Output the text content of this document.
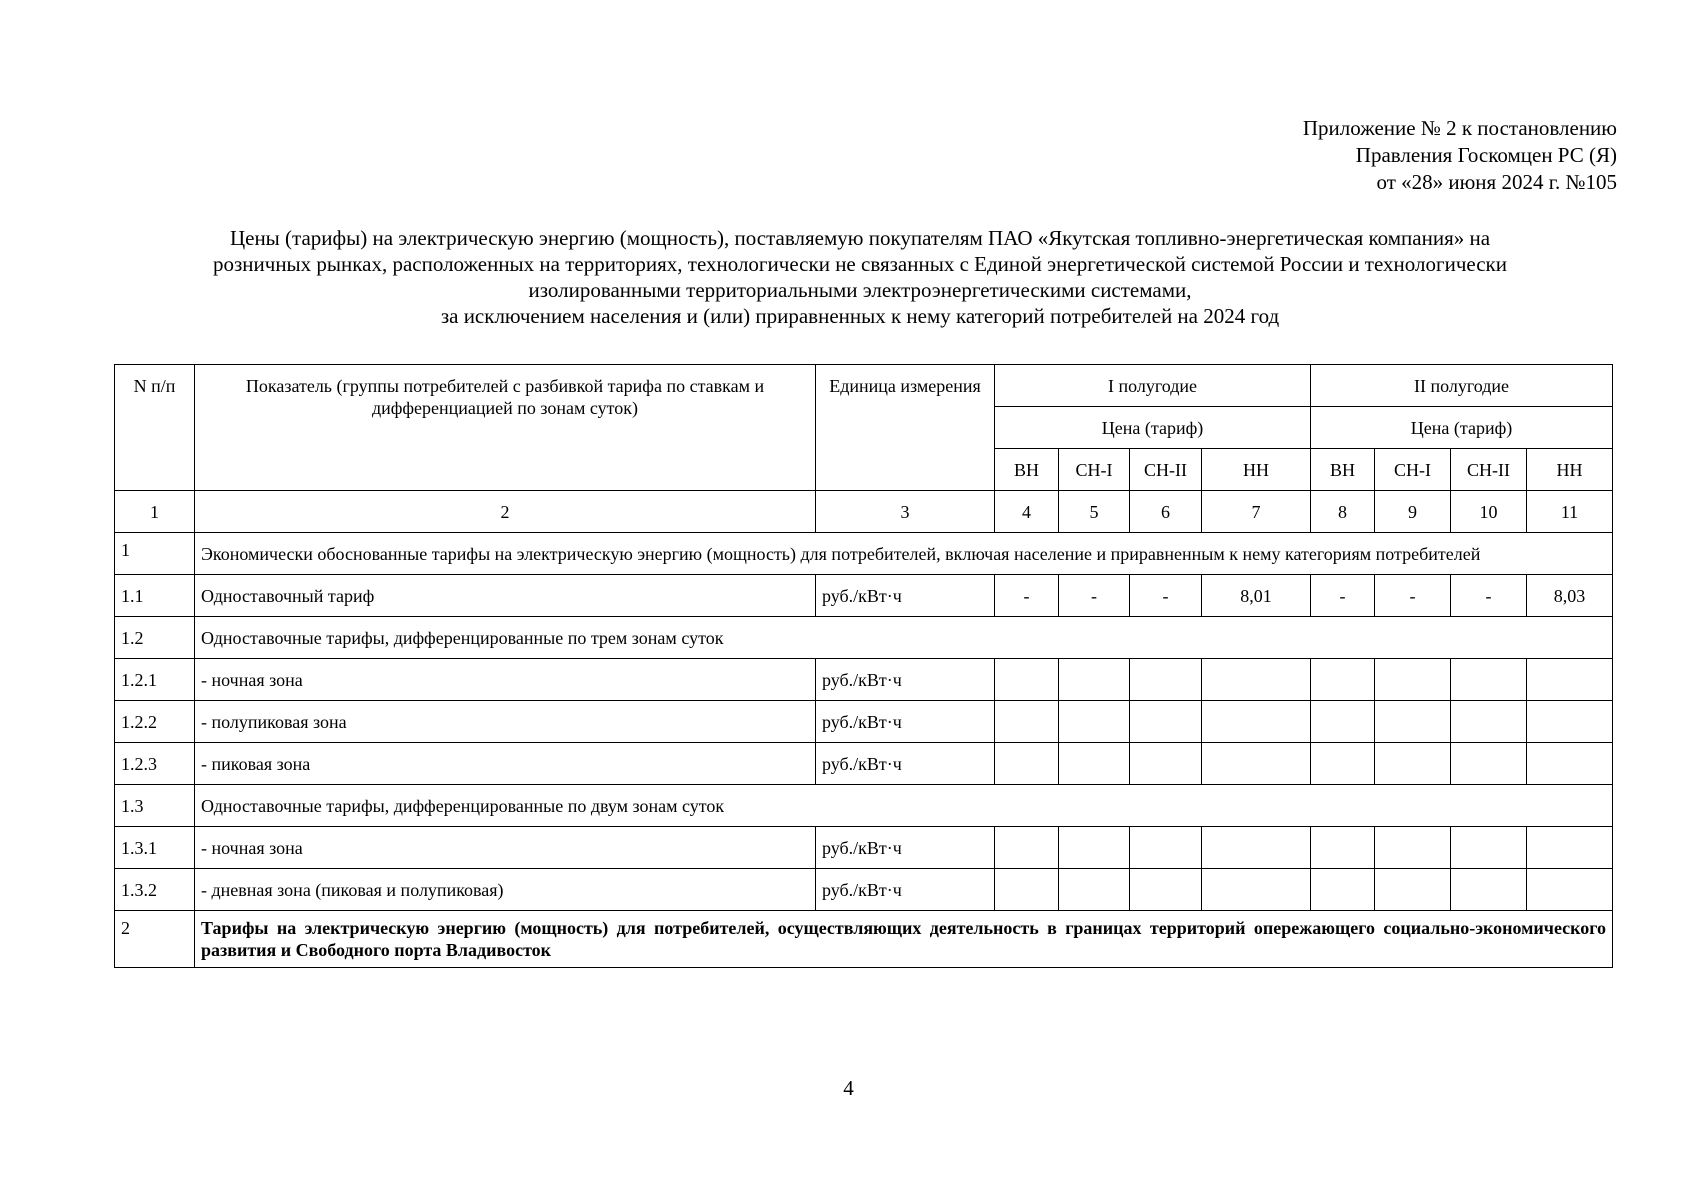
Приложение № 2 к постановлению
Правления Госкомцен РС (Я)
от «28» июня 2024 г. №105
Цены (тарифы) на электрическую энергию (мощность), поставляемую покупателям ПАО «Якутская топливно-энергетическая компания» на
розничных рынках, расположенных на территориях, технологически не связанных с Единой энергетической системой России и технологически
изолированными территориальными электроэнергетическими системами,
за исключением населения и (или) приравненных к нему категорий потребителей на 2024 год
N п/п	Показатель (группы потребителей с разбивкой тарифа по ставкам и дифференциацией по зонам суток)	Единица измерения	I полугодие				II полугодие			
			Цена (тариф)				Цена (тариф)			
			ВН	СН-I	СН-II	НН	ВН	СН-I	СН-II	НН
1	2	3	4	5	6	7	8	9	10	11
1	Экономически обоснованные тарифы на электрическую энергию (мощность) для потребителей, включая население и приравненным к нему категориям потребителей									
1.1	Одноставочный тариф	руб./кВт·ч	-	-	-	8,01	-	-	-	8,03
1.2	Одноставочные тарифы, дифференцированные по трем зонам суток									
1.2.1	- ночная зона	руб./кВт·ч								
1.2.2	- полупиковая зона	руб./кВт·ч								
1.2.3	- пиковая зона	руб./кВт·ч								
1.3	Одноставочные тарифы, дифференцированные по двум зонам суток									
1.3.1	- ночная зона	руб./кВт·ч								
1.3.2	- дневная зона (пиковая и полупиковая)	руб./кВт·ч								
2	Тарифы на электрическую энергию (мощность) для потребителей, осуществляющих деятельность в границах территорий опережающего социально-экономического развития и Свободного порта Владивосток									
4
